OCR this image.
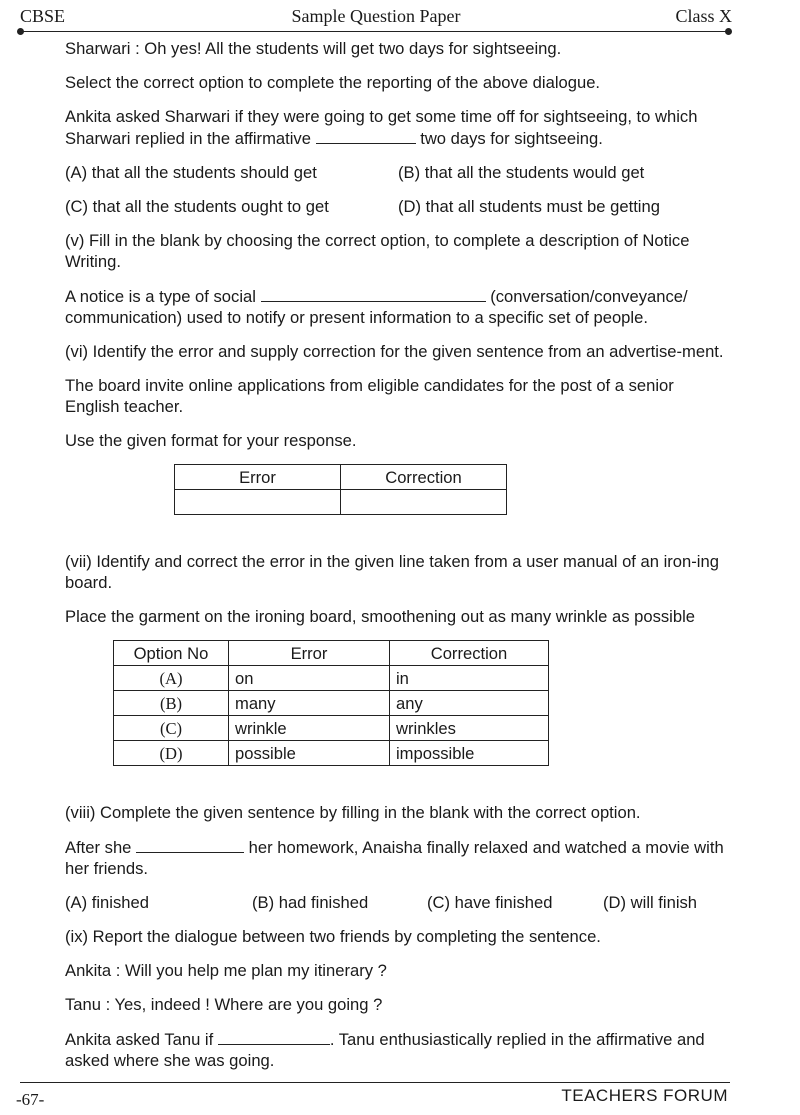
CBSE	Sample Question Paper	Class X

Sharwari : Oh yes! All the students will get two days for sightseeing.

Select the correct option to complete the reporting of the above dialogue.

Ankita asked Sharwari if they were going to get some time off for sightseeing, to which Sharwari replied in the affirmative	two days for sightseeing.

(A) that all the students should get	(B) that all the students would get
(C) that all the students ought to get	(D) that all students must be getting

(v) Fill in the blank by choosing the correct option, to complete a description of Notice Writing.

A notice is a type of social	(conversation/conveyance/ communication) used to notify or present information to a specific set of people.

(vi) Identify the error and supply correction for the given sentence from an advertise-ment.

The board invite online applications from eligible candidates for the post of a senior English teacher.

Use the given format for your response.

Error	Correction

(vii) Identify and correct the error in the given line taken from a user manual of an iron-ing board.

Place the garment on the ironing board, smoothening out as many wrinkle as possible

Option No	Error	Correction
(A)	on	in
(B)	many	any
(C)	wrinkle	wrinkles
(D)	possible	impossible

(viii) Complete the given sentence by filling in the blank with the correct option.

After she	her homework, Anaisha finally relaxed and watched a movie with her friends.

(A) finished	(B) had finished	(C) have finished	(D) will finish

(ix) Report the dialogue between two friends by completing the sentence.

Ankita : Will you help me plan my itinerary ?

Tanu : Yes, indeed ! Where are you going ?

Ankita asked Tanu if	. Tanu enthusiastically replied in the affirmative and asked where she was going.

-67-	TEACHERS FORUM
